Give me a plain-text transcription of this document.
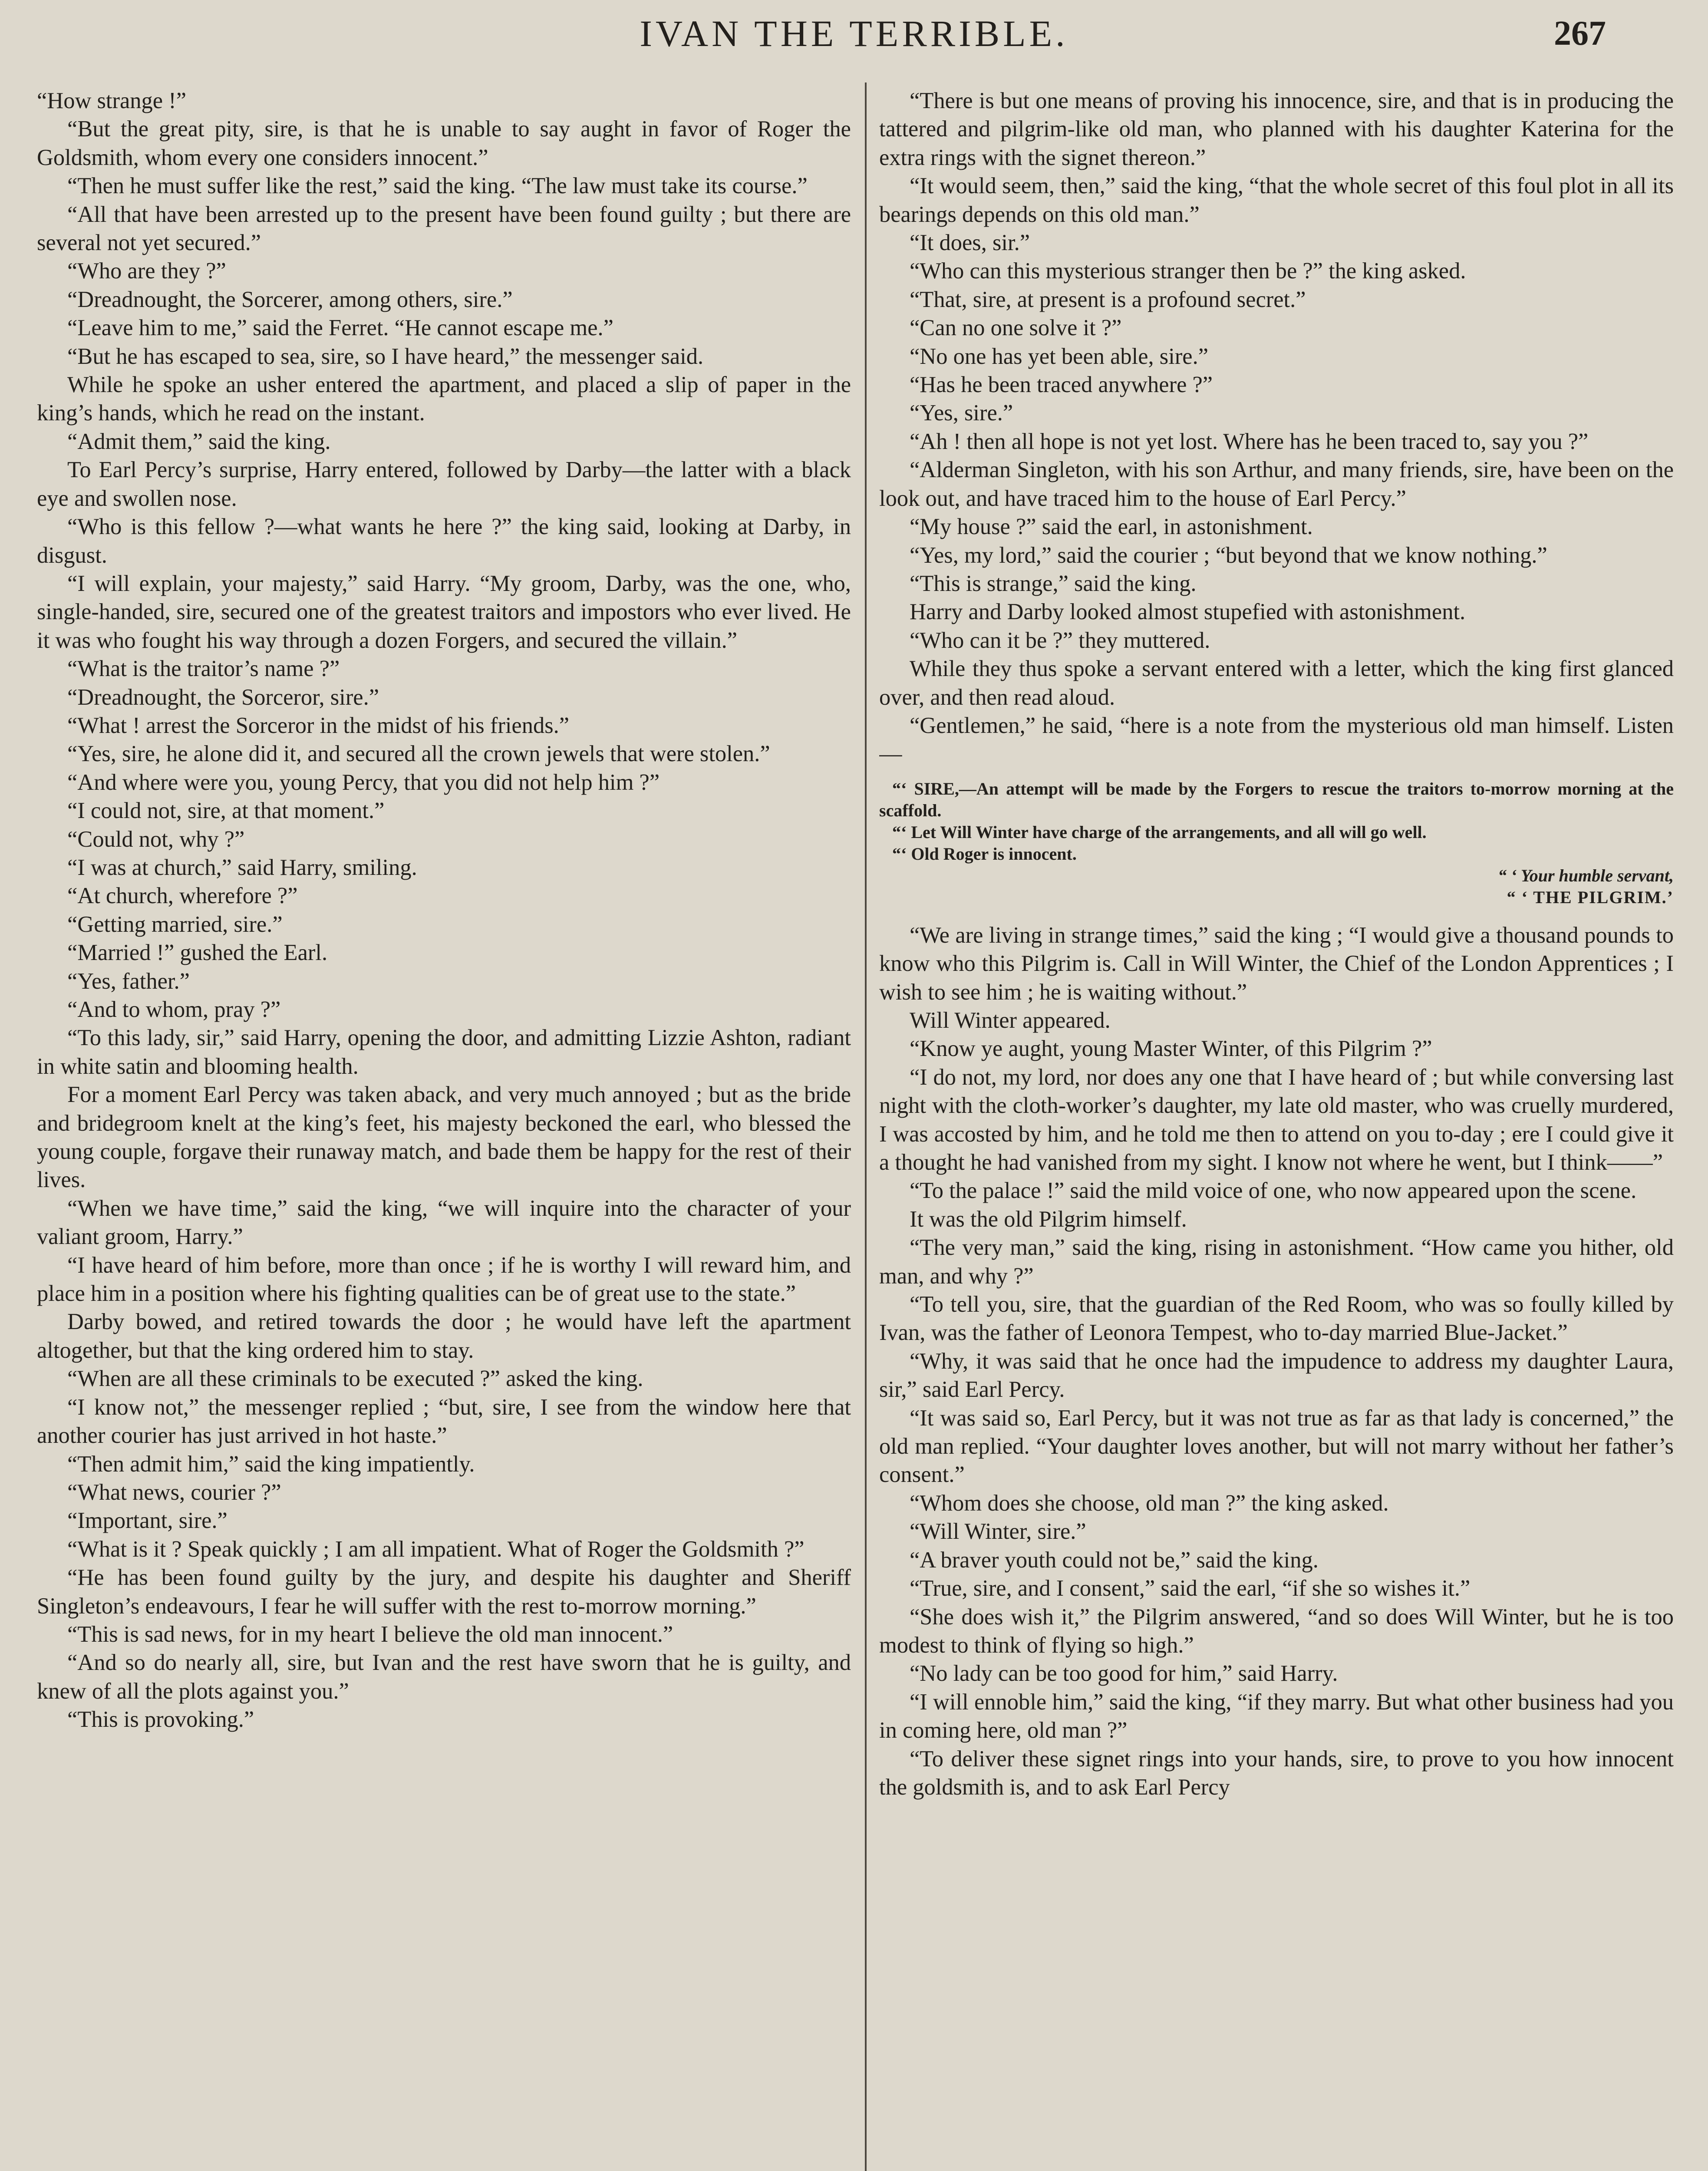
IVAN THE TERRIBLE.	267

“How strange !”

“But the great pity, sire, is that he is unable to say aught in favor of Roger the Goldsmith, whom every one considers innocent.”

“Then he must suffer like the rest,” said the king. “The law must take its course.”

“All that have been arrested up to the present have been found guilty ; but there are several not yet secured.”

“Who are they ?”

“Dreadnought, the Sorcerer, among others, sire.”

“Leave him to me,” said the Ferret. “He cannot escape me.”

“But he has escaped to sea, sire, so I have heard,” the messenger said.

While he spoke an usher entered the apartment, and placed a slip of paper in the king’s hands, which he read on the instant.

“Admit them,” said the king.

To Earl Percy’s surprise, Harry entered, followed by Darby—the latter with a black eye and swollen nose.

“Who is this fellow ?—what wants he here ?” the king said, looking at Darby, in disgust.

“I will explain, your majesty,” said Harry. “My groom, Darby, was the one, who, single-handed, sire, secured one of the greatest traitors and impostors who ever lived. He it was who fought his way through a dozen Forgers, and secured the villain.”

“What is the traitor’s name ?”

“Dreadnought, the Sorceror, sire.”

“What ! arrest the Sorceror in the midst of his friends.”

“Yes, sire, he alone did it, and secured all the crown jewels that were stolen.”

“And where were you, young Percy, that you did not help him ?”

“I could not, sire, at that moment.”

“Could not, why ?”

“I was at church,” said Harry, smiling.

“At church, wherefore ?”

“Getting married, sire.”

“Married !” gushed the Earl.

“Yes, father.”

“And to whom, pray ?”

“To this lady, sir,” said Harry, opening the door, and admitting Lizzie Ashton, radiant in white satin and blooming health.

For a moment Earl Percy was taken aback, and very much annoyed ; but as the bride and bridegroom knelt at the king’s feet, his majesty beckoned the earl, who blessed the young couple, forgave their runaway match, and bade them be happy for the rest of their lives.

“When we have time,” said the king, “we will inquire into the character of your valiant groom, Harry.”

“I have heard of him before, more than once ; if he is worthy I will reward him, and place him in a position where his fighting qualities can be of great use to the state.”

Darby bowed, and retired towards the door ; he would have left the apartment altogether, but that the king ordered him to stay.

“When are all these criminals to be executed ?” asked the king.

“I know not,” the messenger replied ; “but, sire, I see from the window here that another courier has just arrived in hot haste.”

“Then admit him,” said the king impatiently.

“What news, courier ?”

“Important, sire.”

“What is it ? Speak quickly ; I am all impatient. What of Roger the Goldsmith ?”

“He has been found guilty by the jury, and despite his daughter and Sheriff Singleton’s endeavours, I fear he will suffer with the rest to-morrow morning.”

“This is sad news, for in my heart I believe the old man innocent.”

“And so do nearly all, sire, but Ivan and the rest have sworn that he is guilty, and knew of all the plots against you.”

“This is provoking.”

“There is but one means of proving his innocence, sire, and that is in producing the tattered and pilgrim-like old man, who planned with his daughter Katerina for the extra rings with the signet thereon.”

“It would seem, then,” said the king, “that the whole secret of this foul plot in all its bearings depends on this old man.”

“It does, sir.”

“Who can this mysterious stranger then be ?” the king asked.

“That, sire, at present is a profound secret.”

“Can no one solve it ?”

“No one has yet been able, sire.”

“Has he been traced anywhere ?”

“Yes, sire.”

“Ah ! then all hope is not yet lost. Where has he been traced to, say you ?”

“Alderman Singleton, with his son Arthur, and many friends, sire, have been on the look out, and have traced him to the house of Earl Percy.”

“My house ?” said the earl, in astonishment.

“Yes, my lord,” said the courier ; “but beyond that we know nothing.”

“This is strange,” said the king.

Harry and Darby looked almost stupefied with astonishment.

“Who can it be ?” they muttered.

While they thus spoke a servant entered with a letter, which the king first glanced over, and then read aloud.

“Gentlemen,” he said, “here is a note from the mysterious old man himself. Listen—

“‘ SIRE,—An attempt will be made by the Forgers to rescue the traitors to-morrow morning at the scaffold.

“‘ Let Will Winter have charge of the arrangements, and all will go well.

“‘ Old Roger is innocent.

“ ‘ Your humble servant,

“ ‘ THE PILGRIM.’

“We are living in strange times,” said the king ; “I would give a thousand pounds to know who this Pilgrim is. Call in Will Winter, the Chief of the London Apprentices ; I wish to see him ; he is waiting without.”

Will Winter appeared.

“Know ye aught, young Master Winter, of this Pilgrim ?”

“I do not, my lord, nor does any one that I have heard of ; but while conversing last night with the cloth-worker’s daughter, my late old master, who was cruelly murdered, I was accosted by him, and he told me then to attend on you to-day ; ere I could give it a thought he had vanished from my sight. I know not where he went, but I think——”

“To the palace !” said the mild voice of one, who now appeared upon the scene.

It was the old Pilgrim himself.

“The very man,” said the king, rising in astonishment. “How came you hither, old man, and why ?”

“To tell you, sire, that the guardian of the Red Room, who was so foully killed by Ivan, was the father of Leonora Tempest, who to-day married Blue-Jacket.”

“Why, it was said that he once had the impudence to address my daughter Laura, sir,” said Earl Percy.

“It was said so, Earl Percy, but it was not true as far as that lady is concerned,” the old man replied. “Your daughter loves another, but will not marry without her father’s consent.”

“Whom does she choose, old man ?” the king asked.

“Will Winter, sire.”

“A braver youth could not be,” said the king.

“True, sire, and I consent,” said the earl, “if she so wishes it.”

“She does wish it,” the Pilgrim answered, “and so does Will Winter, but he is too modest to think of flying so high.”

“No lady can be too good for him,” said Harry.

“I will ennoble him,” said the king, “if they marry. But what other business had you in coming here, old man ?”

“To deliver these signet rings into your hands, sire, to prove to you how innocent the goldsmith is, and to ask Earl Percy
